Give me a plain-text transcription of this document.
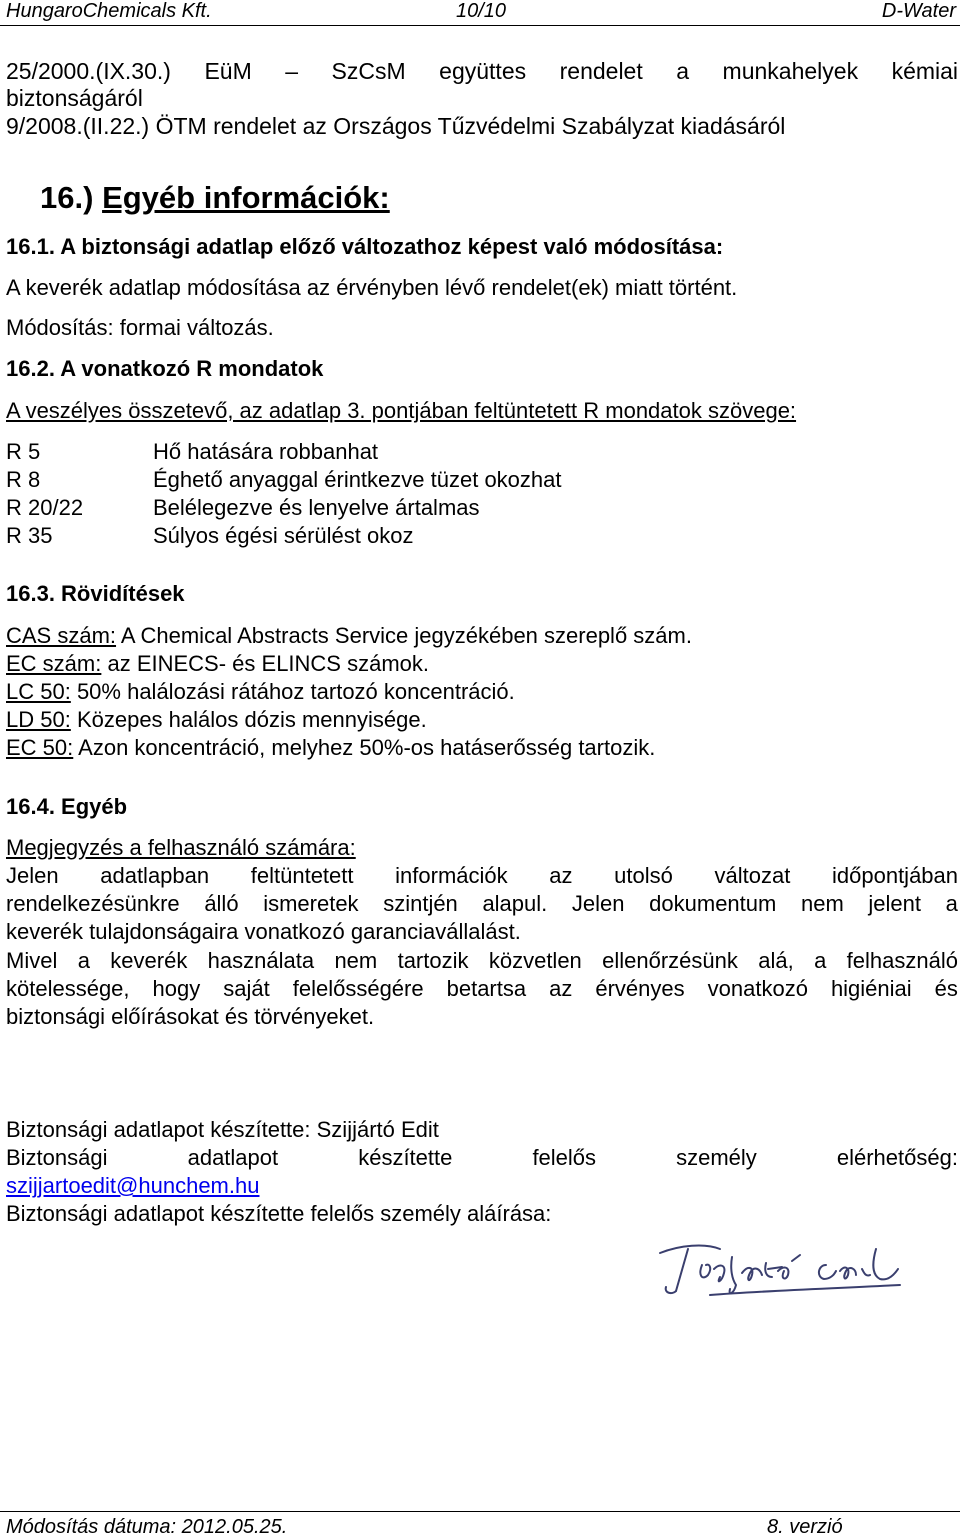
HungaroChemicals Kft.	10/10	D-Water
25/2000.(IX.30.) EüM – SzCsM együttes rendelet a munkahelyek kémiai
biztonságáról
9/2008.(II.22.) ÖTM rendelet az Országos Tűzvédelmi Szabályzat kiadásáról
16.) Egyéb információk:
16.1. A biztonsági adatlap előző változathoz képest való módosítása:
A keverék adatlap módosítása az érvényben lévő rendelet(ek) miatt történt.
Módosítás: formai változás.
16.2. A vonatkozó R mondatok
A veszélyes összetevő, az adatlap 3. pontjában feltüntetett R mondatok szövege:
R 5	Hő hatására robbanhat
R 8	Éghető anyaggal érintkezve tüzet okozhat
R 20/22	Belélegezve és lenyelve ártalmas
R 35	Súlyos égési sérülést okoz
16.3. Rövidítések
CAS szám: A Chemical Abstracts Service jegyzékében szereplő szám.
EC szám: az EINECS- és ELINCS számok.
LC 50: 50% halálozási rátához tartozó koncentráció.
LD 50: Közepes halálos dózis mennyisége.
EC 50: Azon koncentráció, melyhez 50%-os hatáserősség tartozik.
16.4. Egyéb
Megjegyzés a felhasználó számára:
Jelen adatlapban feltüntetett információk az utolsó változat időpontjában
rendelkezésünkre álló ismeretek szintjén alapul. Jelen dokumentum nem jelent a
keverék tulajdonságaira vonatkozó garanciavállalást.
Mivel a keverék használata nem tartozik közvetlen ellenőrzésünk alá, a felhasználó
kötelessége, hogy saját felelősségére betartsa az érvényes vonatkozó higiéniai és
biztonsági előírásokat és törvényeket.
Biztonsági adatlapot készítette: Szijjártó Edit
Biztonsági	adatlapot	készítette	felelős	személy	elérhetőség:
szijjartoedit@hunchem.hu
Biztonsági adatlapot készítette felelős személy aláírása:
Módosítás dátuma: 2012.05.25.	8. verzió
